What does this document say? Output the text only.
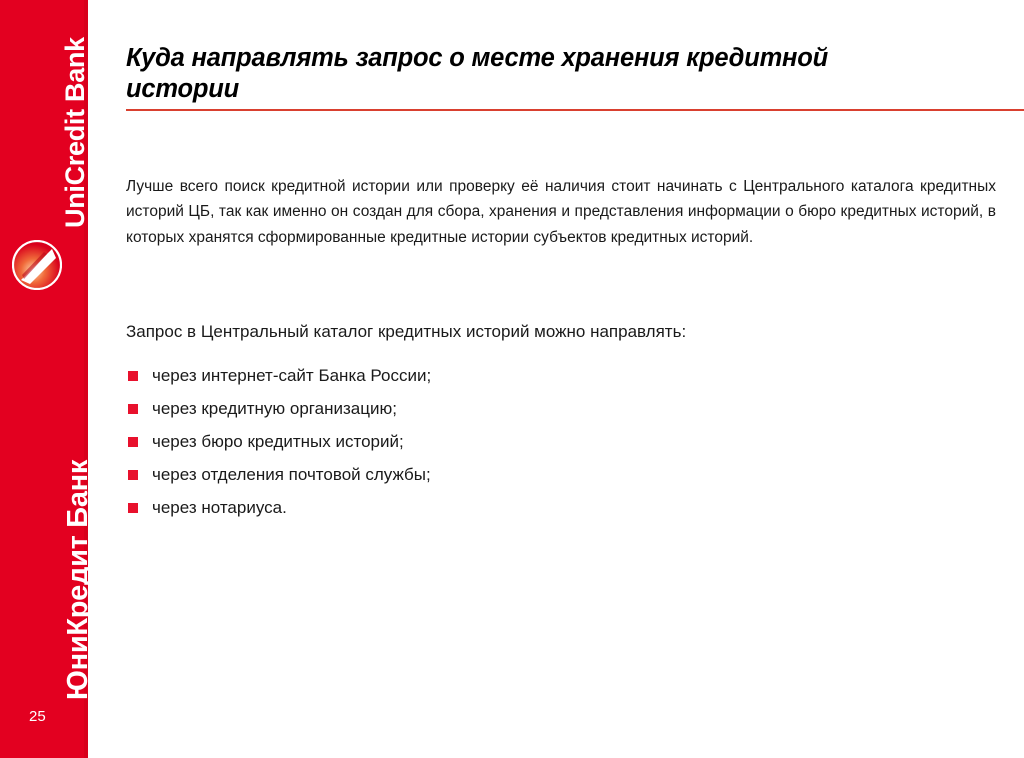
UniCredit Bank
ЮниКредит Банк
25
Куда направлять запрос о месте хранения кредитной истории

Лучше всего поиск кредитной истории или проверку её наличия стоит начинать с Центрального каталога кредитных историй ЦБ, так как именно он создан для сбора, хранения и представления информации о бюро кредитных историй, в которых хранятся сформированные кредитные истории субъектов кредитных историй.

Запрос в Центральный каталог кредитных историй можно направлять:

через интернет-сайт Банка России;
через кредитную организацию;
через бюро кредитных историй;
через отделения почтовой службы;
через нотариуса.
